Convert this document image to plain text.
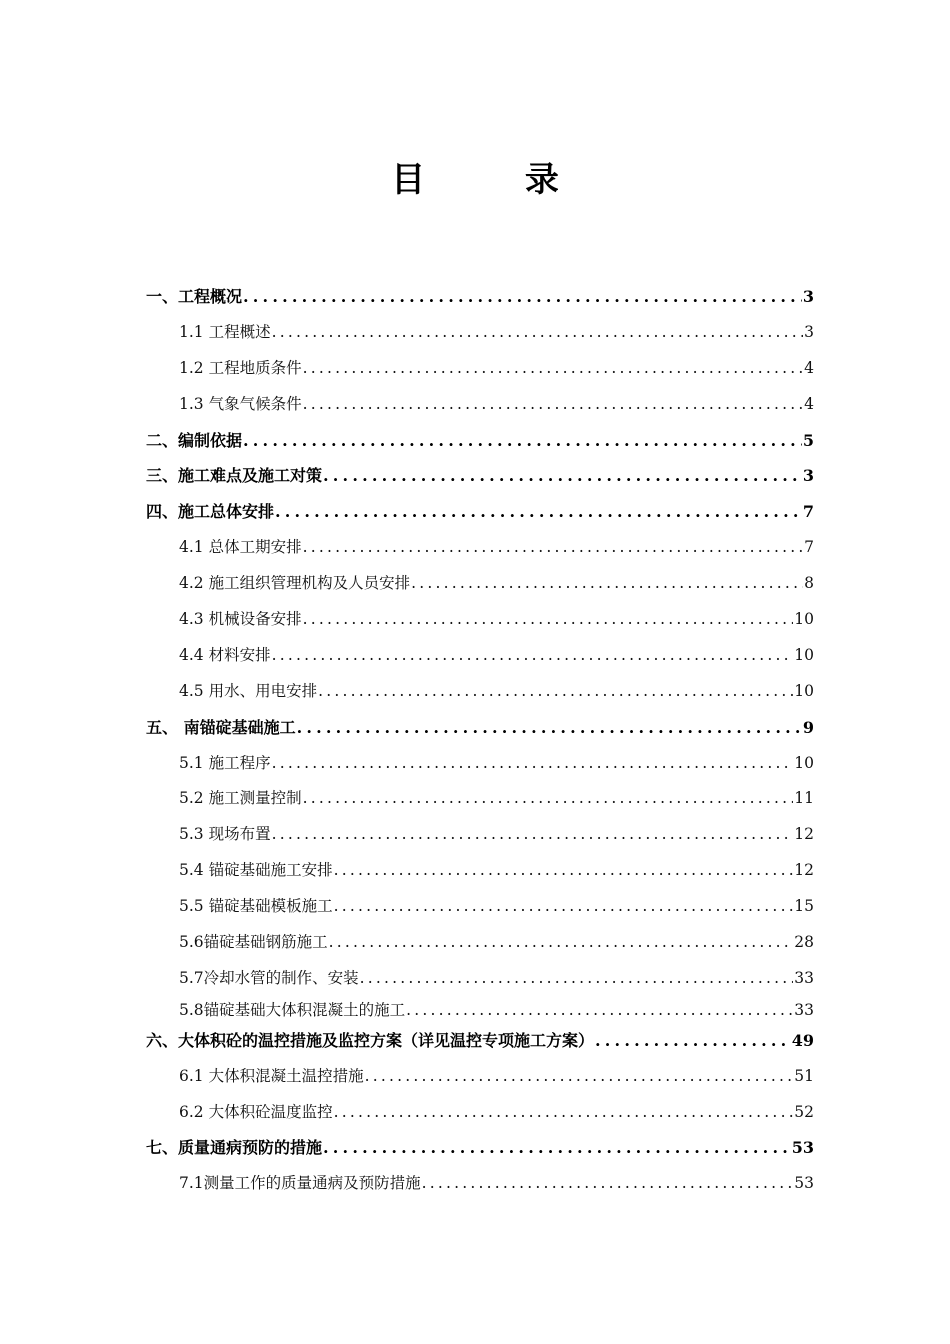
目 录
一、工程概况 .....	3
1.1 工程概述 .....	3
1.2 工程地质条件 .....	4
1.3 气象气候条件 .....	4
二、编制依据 .....	5
三、施工难点及施工对策 .....	3
四、施工总体安排 .....	7
4.1 总体工期安排 .....	7
4.2 施工组织管理机构及人员安排 .....	8
4.3 机械设备安排 .....	10
4.4 材料安排 .....	10
4.5 用水、用电安排 .....	10
五、 南锚碇基础施工 .....	9
5.1 施工程序 .....	10
5.2 施工测量控制 .....	11
5.3 现场布置 .....	12
5.4 锚碇基础施工安排 .....	12
5.5 锚碇基础模板施工 .....	15
5.6锚碇基础钢筋施工 .....	28
5.7冷却水管的制作、安装 .....	33
5.8锚碇基础大体积混凝土的施工 .....	33
六、大体积砼的温控措施及监控方案（详见温控专项施工方案） .....	49
6.1 大体积混凝土温控措施 .....	51
6.2 大体积砼温度监控 .....	52
七、质量通病预防的措施 .....	53
7.1测量工作的质量通病及预防措施 .....	53
